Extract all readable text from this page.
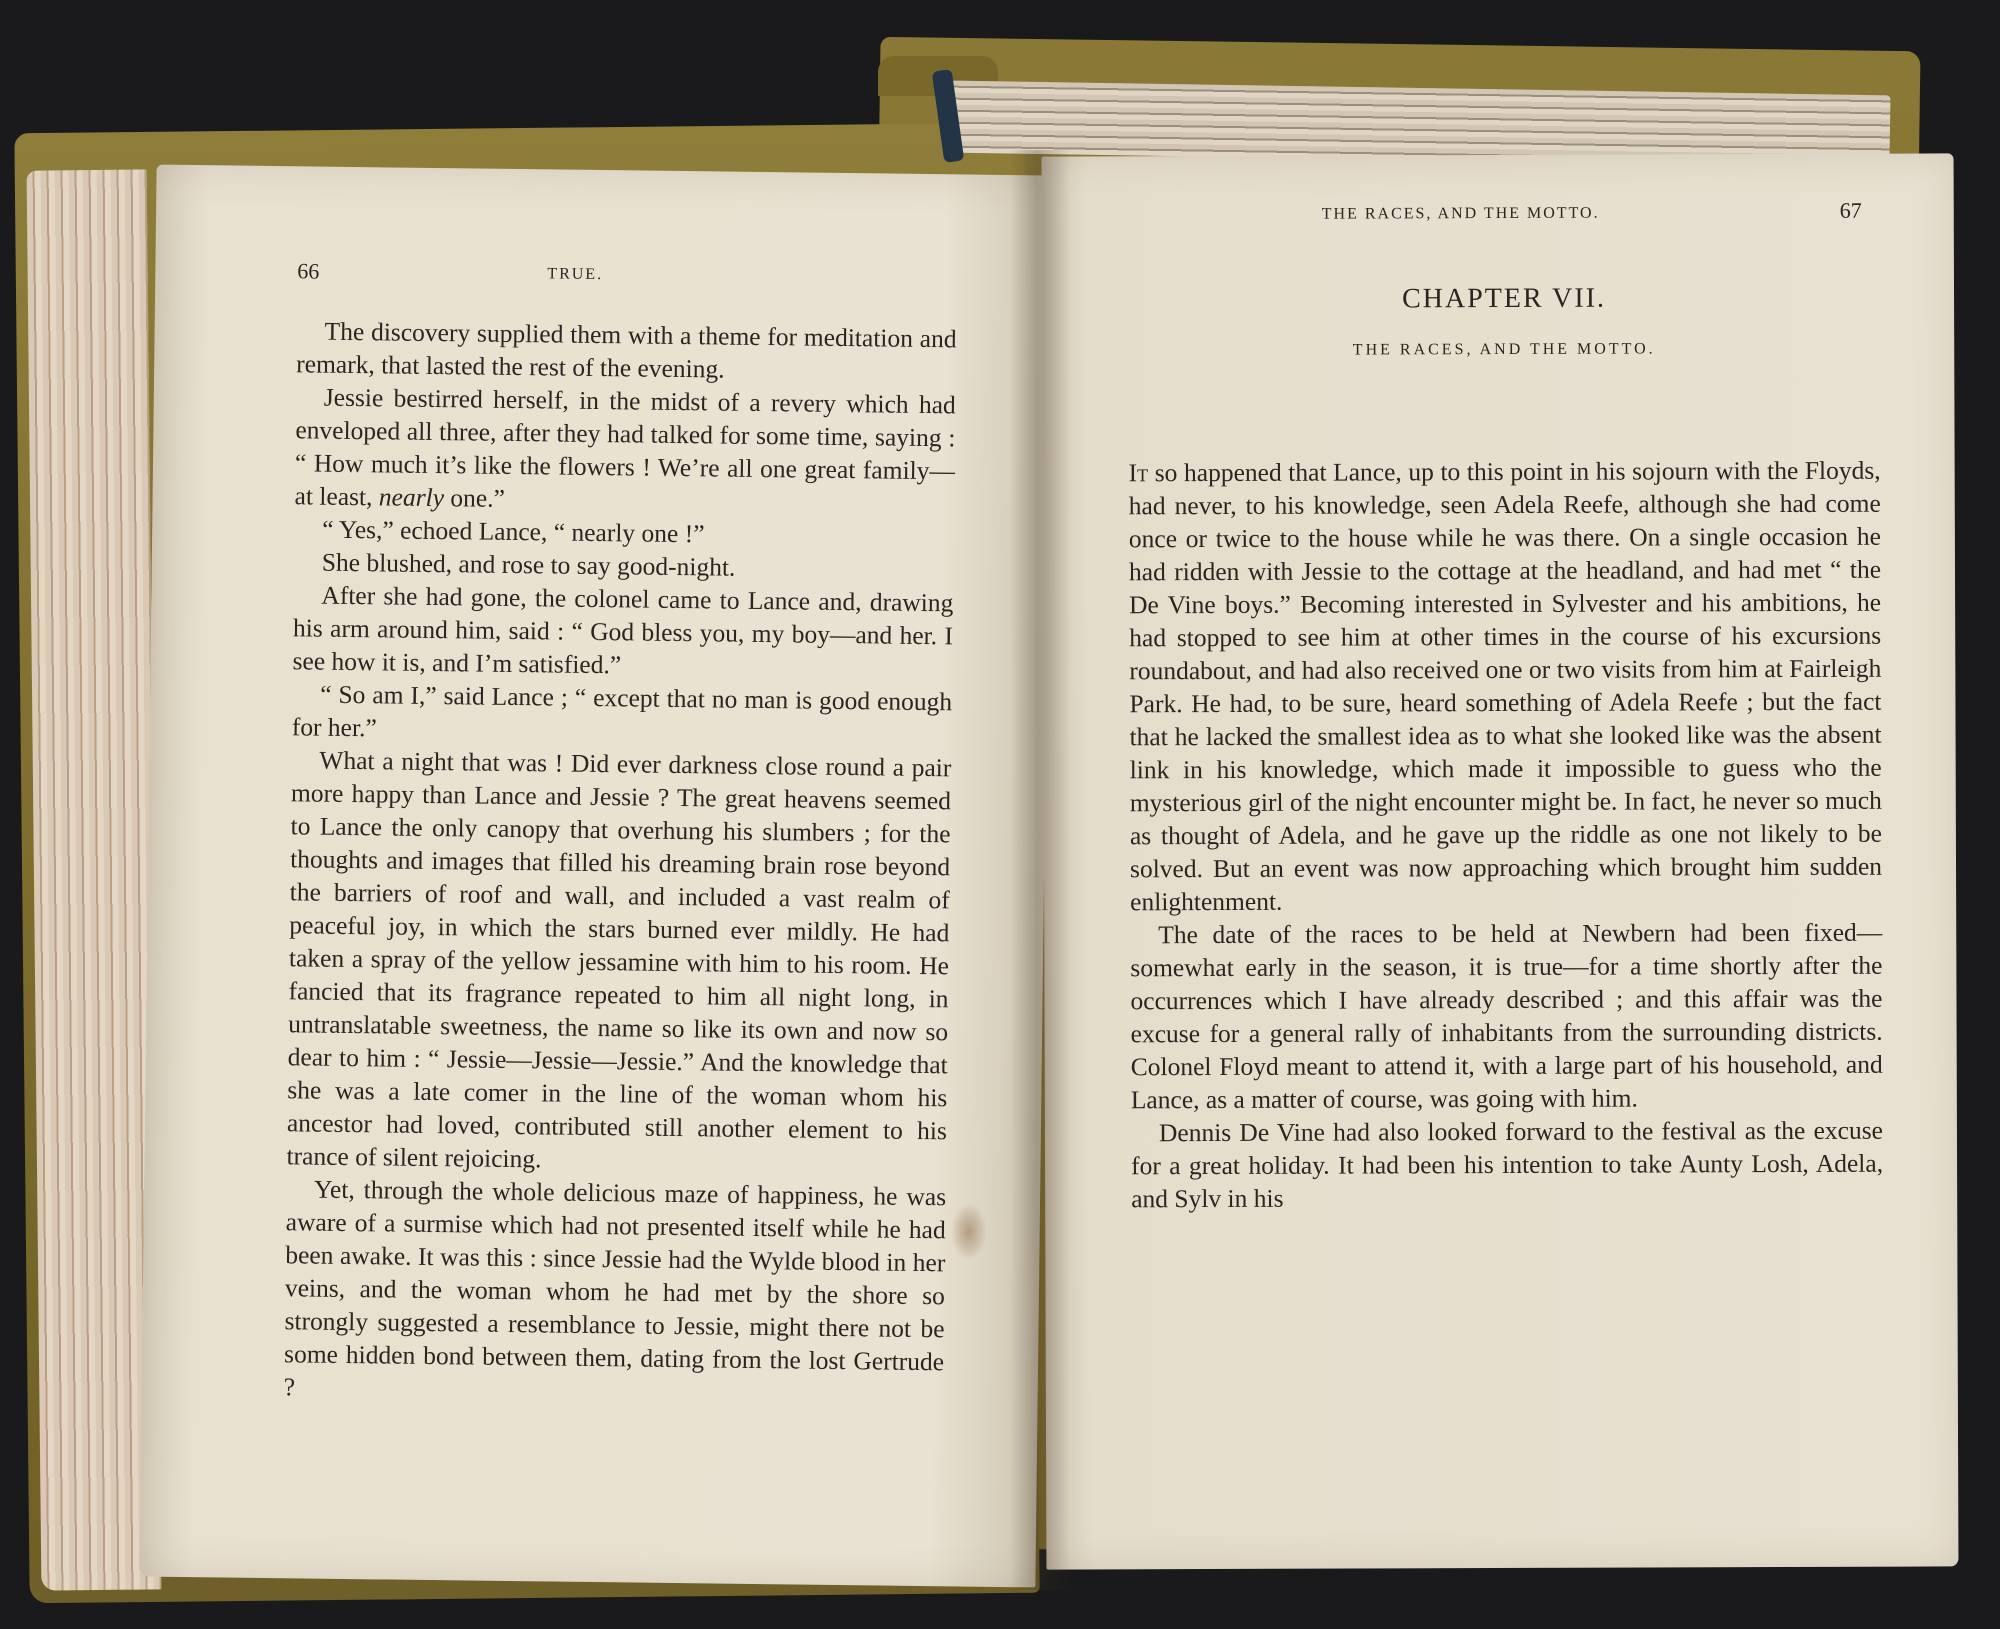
66	TRUE.

The discovery supplied them with a theme for meditation and remark, that lasted the rest of the evening.

Jessie bestirred herself, in the midst of a revery which had enveloped all three, after they had talked for some time, saying : “ How much it’s like the flowers ! We’re all one great family—at least, nearly one.”

“ Yes,” echoed Lance, “ nearly one !”

She blushed, and rose to say good-night.

After she had gone, the colonel came to Lance and, drawing his arm around him, said : “ God bless you, my boy—and her. I see how it is, and I’m satisfied.”

“ So am I,” said Lance ; “ except that no man is good enough for her.”

What a night that was ! Did ever darkness close round a pair more happy than Lance and Jessie ? The great heavens seemed to Lance the only canopy that overhung his slumbers ; for the thoughts and images that filled his dreaming brain rose beyond the barriers of roof and wall, and included a vast realm of peaceful joy, in which the stars burned ever mildly. He had taken a spray of the yellow jessamine with him to his room. He fancied that its fragrance repeated to him all night long, in untranslatable sweetness, the name so like its own and now so dear to him : “ Jessie—Jessie—Jessie.” And the knowledge that she was a late comer in the line of the woman whom his ancestor had loved, contributed still another element to his trance of silent rejoicing.

Yet, through the whole delicious maze of happiness, he was aware of a surmise which had not presented itself while he had been awake. It was this : since Jessie had the Wylde blood in her veins, and the woman whom he had met by the shore so strongly suggested a resemblance to Jessie, might there not be some hidden bond between them, dating from the lost Gertrude ?

THE RACES, AND THE MOTTO.	67
CHAPTER VII.
THE RACES, AND THE MOTTO.

It so happened that Lance, up to this point in his sojourn with the Floyds, had never, to his knowledge, seen Adela Reefe, although she had come once or twice to the house while he was there. On a single occasion he had ridden with Jessie to the cottage at the headland, and had met “ the De Vine boys.” Becoming interested in Sylvester and his ambitions, he had stopped to see him at other times in the course of his excursions roundabout, and had also received one or two visits from him at Fairleigh Park. He had, to be sure, heard something of Adela Reefe ; but the fact that he lacked the smallest idea as to what she looked like was the absent link in his knowledge, which made it impossible to guess who the mysterious girl of the night encounter might be. In fact, he never so much as thought of Adela, and he gave up the riddle as one not likely to be solved. But an event was now approaching which brought him sudden enlightenment.

The date of the races to be held at Newbern had been fixed—somewhat early in the season, it is true—for a time shortly after the occurrences which I have already described ; and this affair was the excuse for a general rally of inhabitants from the surrounding districts. Colonel Floyd meant to attend it, with a large part of his household, and Lance, as a matter of course, was going with him.

Dennis De Vine had also looked forward to the festival as the excuse for a great holiday. It had been his intention to take Aunty Losh, Adela, and Sylv in his
